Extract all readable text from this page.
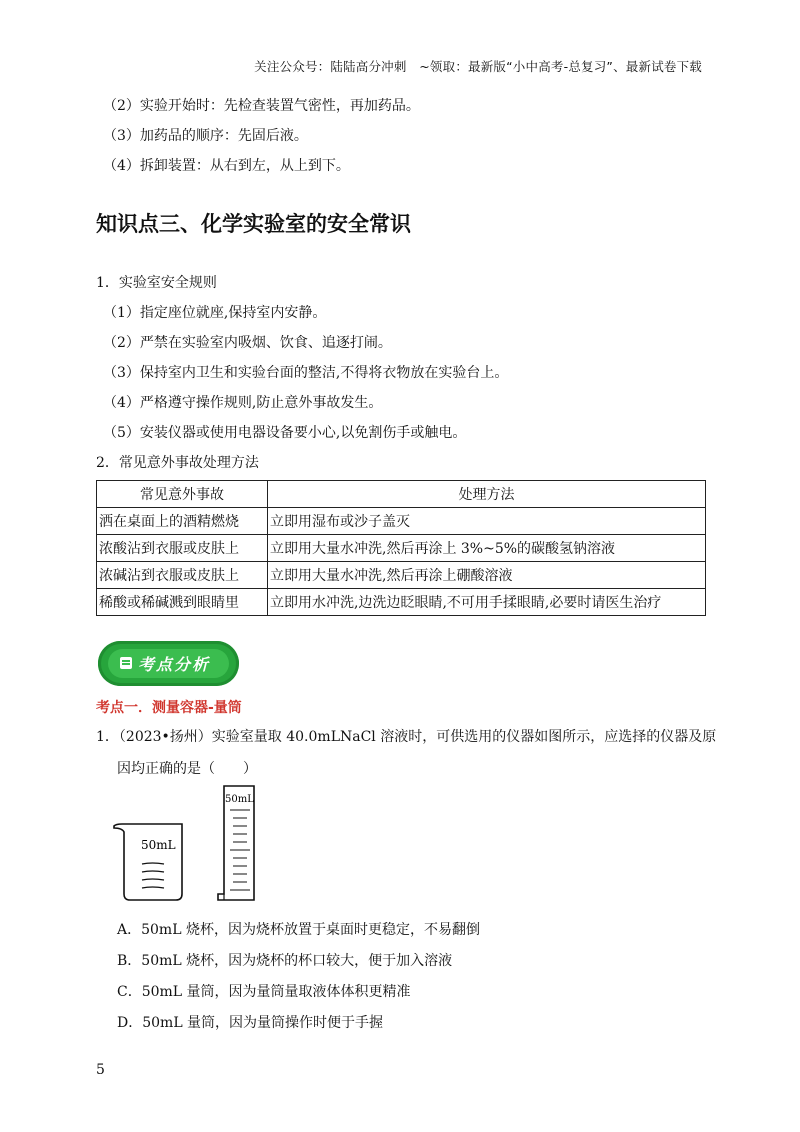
关注公众号：陆陆高分冲刺　~领取：最新版“小中高考-总复习”、最新试卷下载
（2）实验开始时：先检查装置气密性，再加药品。
（3）加药品的顺序：先固后液。
（4）拆卸装置：从右到左，从上到下。
知识点三、化学实验室的安全常识
1．实验室安全规则
（1）指定座位就座,保持室内安静。
（2）严禁在实验室内吸烟、饮食、追逐打闹。
（3）保持室内卫生和实验台面的整洁,不得将衣物放在实验台上。
（4）严格遵守操作规则,防止意外事故发生。
（5）安装仪器或使用电器设备要小心,以免割伤手或触电。
2．常见意外事故处理方法
常见意外事故	处理方法
洒在桌面上的酒精燃烧	立即用湿布或沙子盖灭
浓酸沾到衣服或皮肤上	立即用大量水冲洗,然后再涂上 3%~5%的碳酸氢钠溶液
浓碱沾到衣服或皮肤上	立即用大量水冲洗,然后再涂上硼酸溶液
稀酸或稀碱溅到眼睛里	立即用水冲洗,边洗边眨眼睛,不可用手揉眼睛,必要时请医生治疗
考点分析
考点一．测量容器-量筒
1．（2023•扬州）实验室量取 40.0mLNaCl 溶液时，可供选用的仪器如图所示，应选择的仪器及原
因均正确的是（　　）
50mL
50mL
A．50mL 烧杯，因为烧杯放置于桌面时更稳定，不易翻倒
B．50mL 烧杯，因为烧杯的杯口较大，便于加入溶液
C．50mL 量筒，因为量筒量取液体体积更精准
D．50mL 量筒，因为量筒操作时便于手握
5
